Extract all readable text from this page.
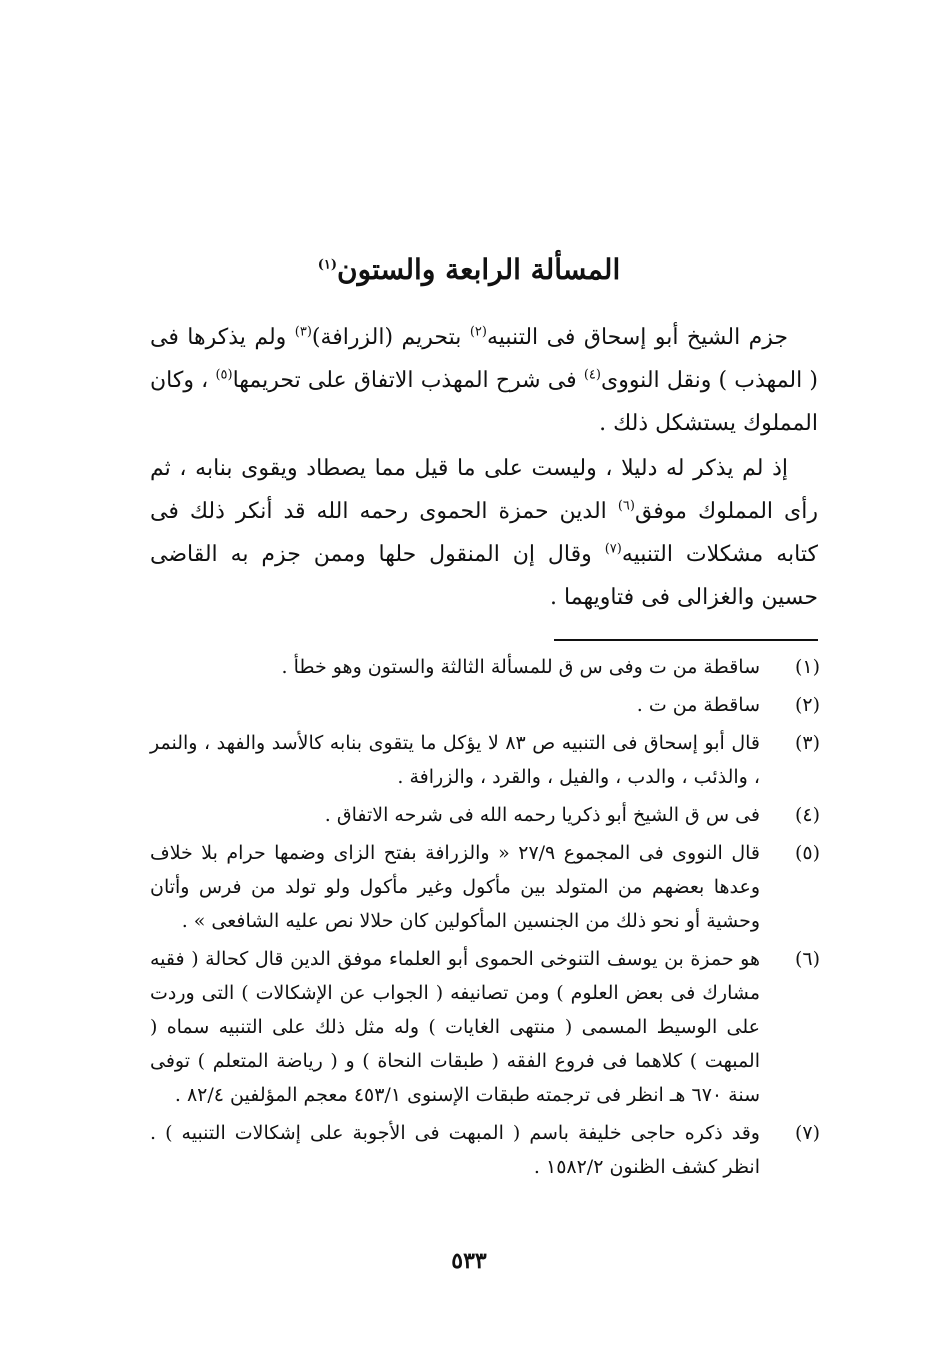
المسألة الرابعة والستون$^{(١)}$
جزم الشيخ أبو إسحاق فى التنبيه$^{(٢)}$ بتحريم (الزرافة)$^{(٣)}$ ولم يذكرها فى ( المهذب ) ونقل النووى$^{(٤)}$ فى شرح المهذب الاتفاق على تحريمها$^{(٥)}$ ، وكان المملوك يستشكل ذلك .
إذ لم يذكر له دليلا ، وليست على ما قيل مما يصطاد ويقوى بنابه ، ثم رأى المملوك موفق$^{(٦)}$ الدين حمزة الحموى رحمه الله قد أنكر ذلك فى كتابه مشكلات التنبيه$^{(٧)}$ وقال إن المنقول حلها وممن جزم به القاضى حسين والغزالى فى فتاويهما .
(١)
ساقطة من ت وفى س ق للمسألة الثالثة والستون وهو خطأ .
(٢)
ساقطة من ت .
(٣)
قال أبو إسحاق فى التنبيه ص ٨٣ لا يؤكل ما يتقوى بنابه كالأسد والفهد ، والنمر ، والذئب ، والدب ، والفيل ، والقرد ، والزرافة .
(٤)
فى س ق الشيخ أبو ذكريا رحمه الله فى شرحه الاتفاق .
(٥)
قال النووى فى المجموع ٢٧/٩ « والزرافة بفتح الزاى وضمها حرام بلا خلاف وعدها بعضهم من المتولد بين مأكول وغير مأكول ولو تولد من فرس وأتان وحشية أو نحو ذلك من الجنسين المأكولين كان حلالا نص عليه الشافعى » .
(٦)
هو حمزة بن يوسف التنوخى الحموى أبو العلماء موفق الدين قال كحالة ( فقيه مشارك فى بعض العلوم ) ومن تصانيفه ( الجواب عن الإشكالات ) التى وردت على الوسيط المسمى ( منتهى الغايات ) وله مثل ذلك على التنبيه سماه ( المبهت ) كلاهما فى فروع الفقه ( طبقات النحاة ) و ( رياضة المتعلم ) توفى سنة ٦٧٠ هـ انظر فى ترجمته طبقات الإسنوى ٤٥٣/١ معجم المؤلفين ٨٢/٤ .
(٧)
وقد ذكره حاجى خليفة باسم ( المبهت فى الأجوبة على إشكالات التنبيه ) . انظر كشف الظنون ١٥٨٢/٢ .
٥٣٣
